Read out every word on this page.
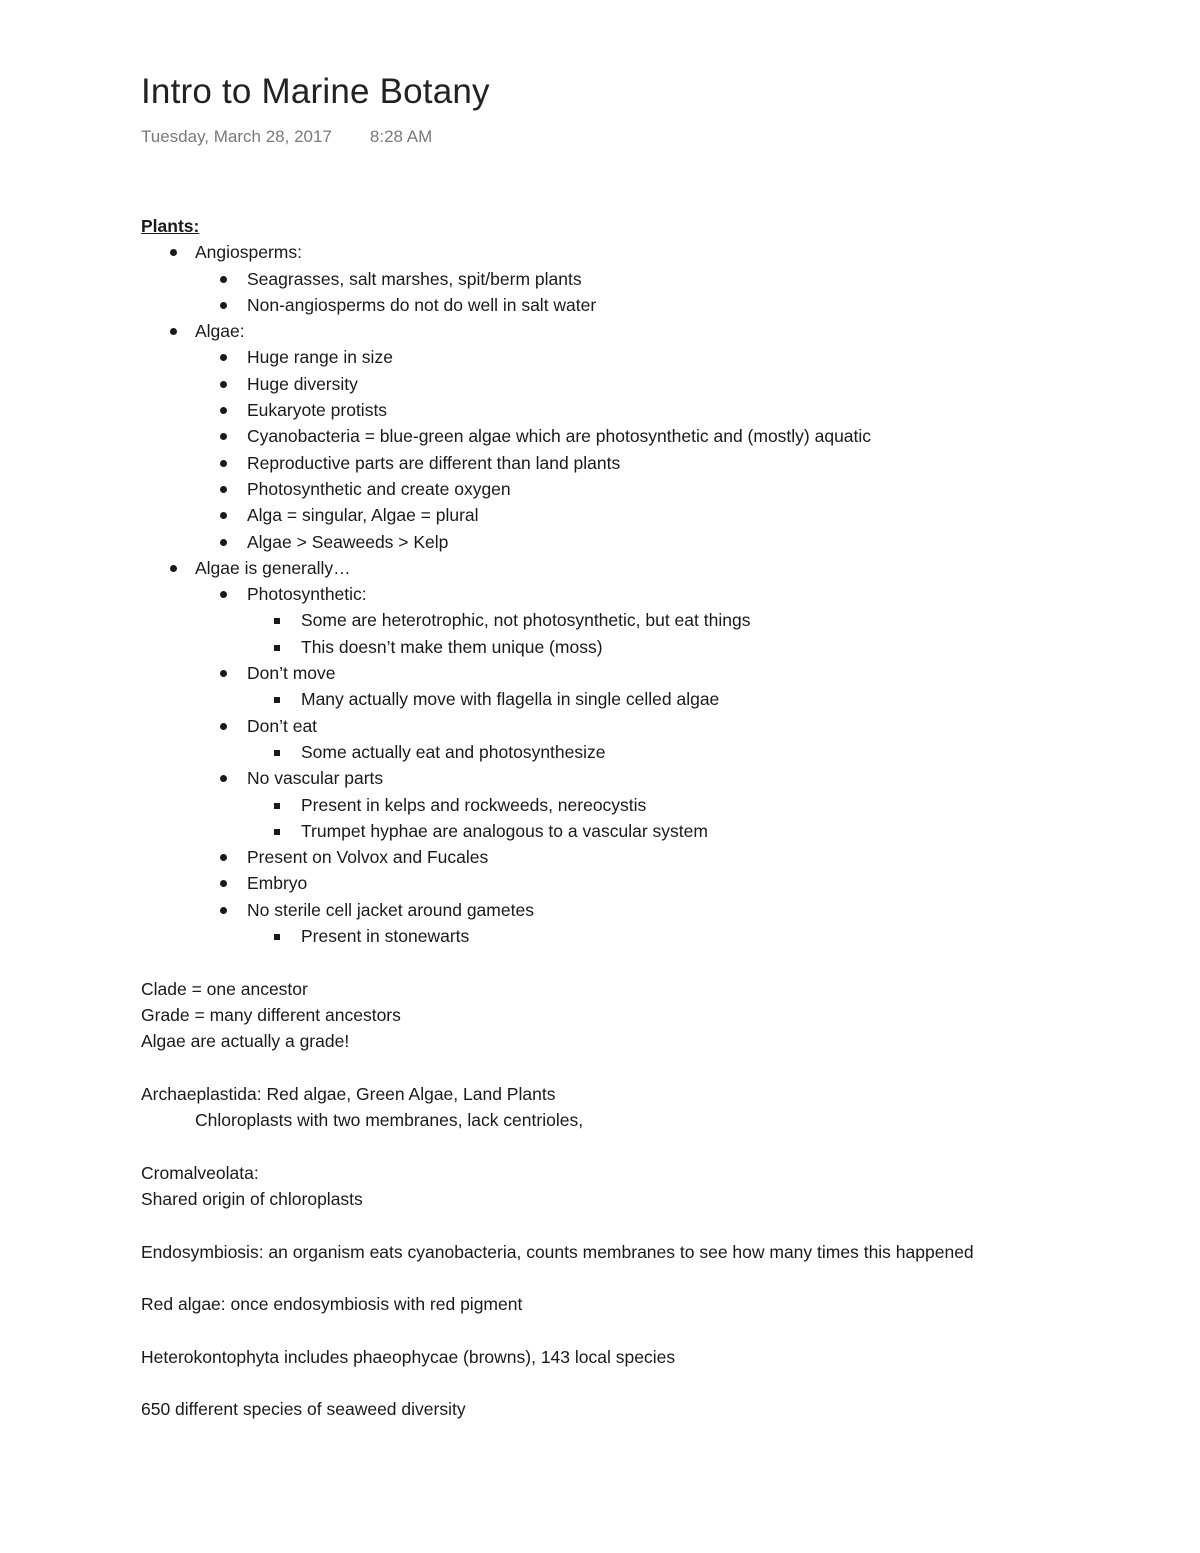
Intro to Marine Botany
Tuesday, March 28, 2017 8:28 AM
Plants:
Angiosperms:
Seagrasses, salt marshes, spit/berm plants
Non-angiosperms do not do well in salt water
Algae:
Huge range in size
Huge diversity
Eukaryote protists
Cyanobacteria = blue-green algae which are photosynthetic and (mostly) aquatic
Reproductive parts are different than land plants
Photosynthetic and create oxygen
Alga = singular, Algae = plural
Algae > Seaweeds > Kelp
Algae is generally…
Photosynthetic:
Some are heterotrophic, not photosynthetic, but eat things
This doesn’t make them unique (moss)
Don’t move
Many actually move with flagella in single celled algae
Don’t eat
Some actually eat and photosynthesize
No vascular parts
Present in kelps and rockweeds, nereocystis
Trumpet hyphae are analogous to a vascular system
Present on Volvox and Fucales
Embryo
No sterile cell jacket around gametes
Present in stonewarts
Clade = one ancestor
Grade = many different ancestors
Algae are actually a grade!
Archaeplastida: Red algae, Green Algae, Land Plants
Chloroplasts with two membranes, lack centrioles,
Cromalveolata:
Shared origin of chloroplasts
Endosymbiosis: an organism eats cyanobacteria, counts membranes to see how many times this happened
Red algae: once endosymbiosis with red pigment
Heterokontophyta includes phaeophycae (browns), 143 local species
650 different species of seaweed diversity
